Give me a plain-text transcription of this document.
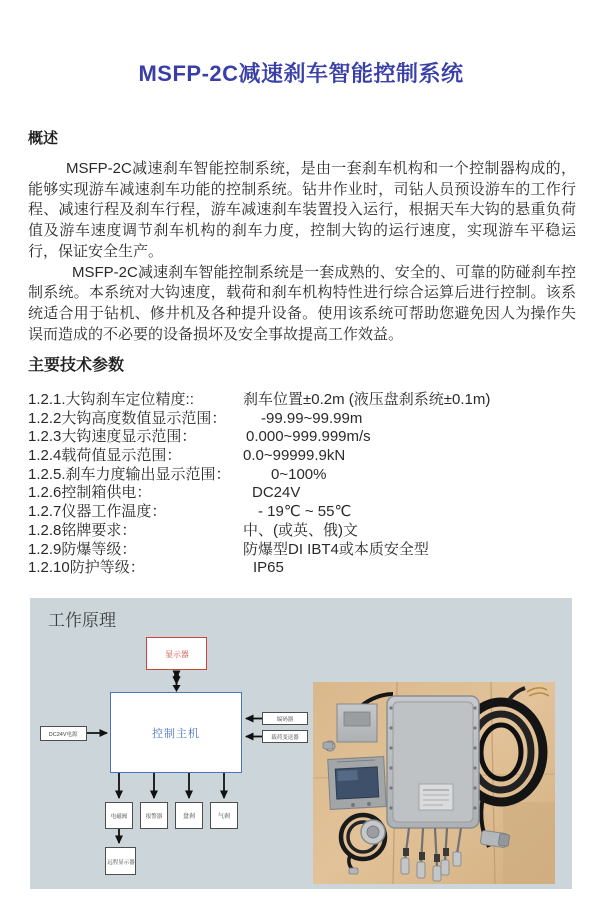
MSFP-2C减速刹车智能控制系统
概述

MSFP-2C减速刹车智能控制系统，是由一套刹车机构和一个控制器构成的，能够实现游车减速刹车功能的控制系统。钻井作业时，司钻人员预设游车的工作行程、减速行程及刹车行程，游车减速刹车装置投入运行，根据天车大钩的悬重负荷值及游车速度调节刹车机构的刹车力度，控制大钩的运行速度，实现游车平稳运行，保证安全生产。

MSFP-2C减速刹车智能控制系统是一套成熟的、安全的、可靠的防碰刹车控制系统。本系统对大钩速度，载荷和刹车机构特性进行综合运算后进行控制。该系统适合用于钻机、修井机及各种提升设备。使用该系统可帮助您避免因人为操作失误而造成的不必要的设备损坏及安全事故提高工作效益。

主要技术参数
1.2.1.大钩刹车定位精度::	刹车位置±0.2m (液压盘刹系统±0.1m)
1.2.2大钩高度数值显示范围：	-99.99~99.99m
1.2.3大钩速度显示范围：	0.000~999.999m/s
1.2.4载荷值显示范围：	0.0~99999.9kN
1.2.5.刹车力度输出显示范围：	0~100%
1.2.6控制箱供电：	DC24V
1.2.7仪器工作温度：	- 19℃ ~ 55℃
1.2.8铭牌要求：	中、(或英、俄)文
1.2.9防爆等级：	防爆型DI IBT4或本质安全型
1.2.10防护等级：	IP65
工作原理
显示器
控制主机
DC24V电源
编码器
载荷变送器
电磁阀 报警器 盘刹 气刹
远程显示器
